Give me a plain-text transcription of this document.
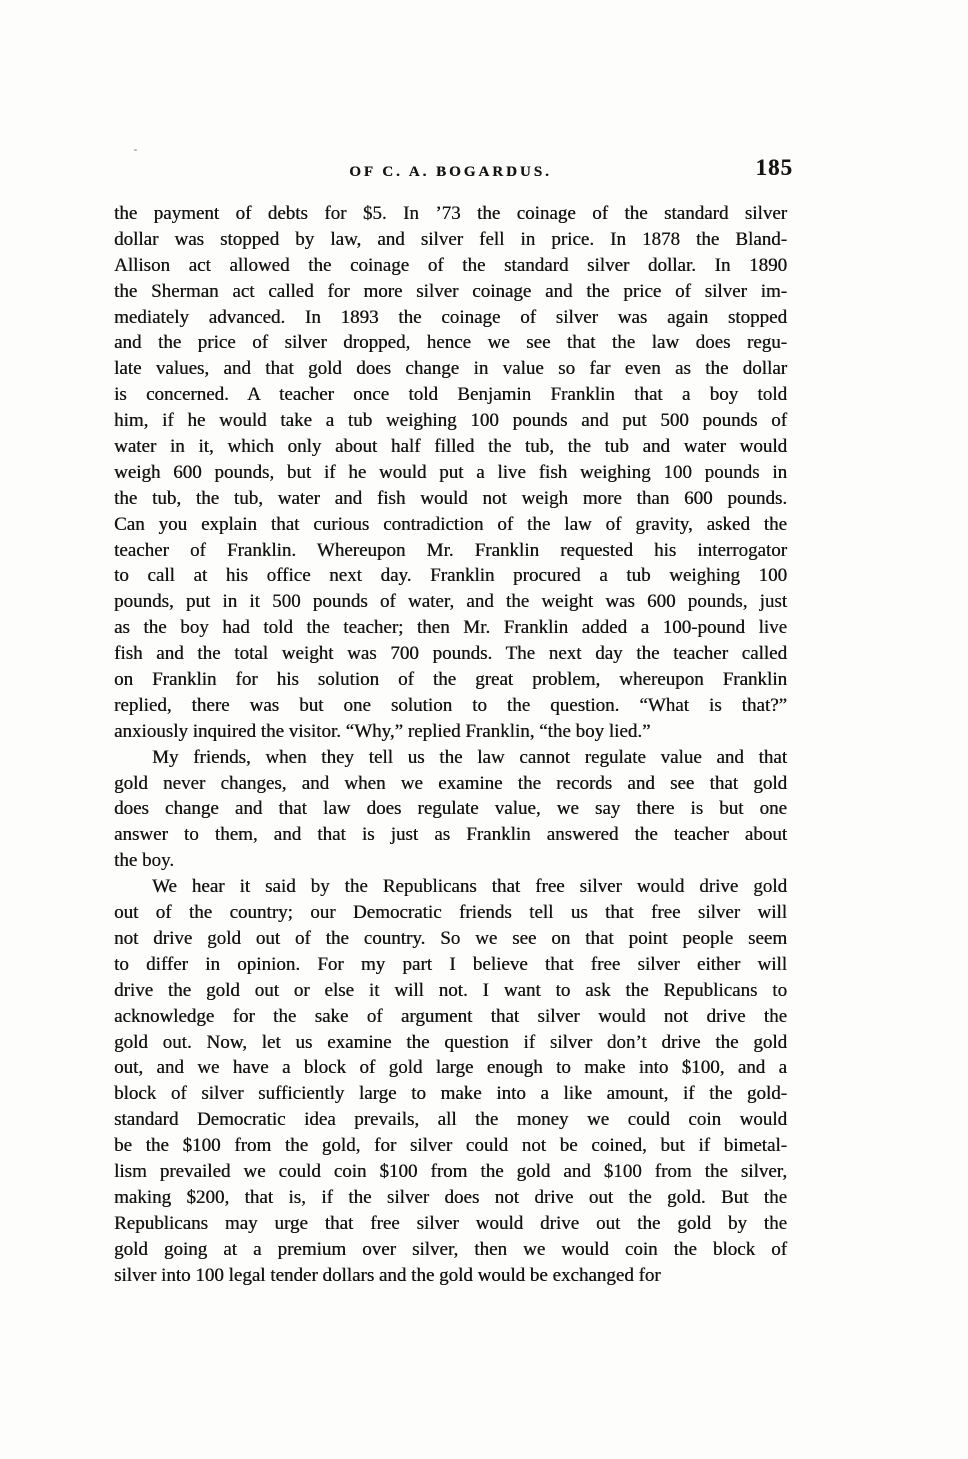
OF C. A. BOGARDUS.	185
the payment of debts for $5. In ’73 the coinage of the standard silver
dollar was stopped by law, and silver fell in price. In 1878 the Bland-
Allison act allowed the coinage of the standard silver dollar. In 1890
the Sherman act called for more silver coinage and the price of silver im-
mediately advanced. In 1893 the coinage of silver was again stopped
and the price of silver dropped, hence we see that the law does regu-
late values, and that gold does change in value so far even as the dollar
is concerned. A teacher once told Benjamin Franklin that a boy told
him, if he would take a tub weighing 100 pounds and put 500 pounds of
water in it, which only about half filled the tub, the tub and water would
weigh 600 pounds, but if he would put a live fish weighing 100 pounds in
the tub, the tub, water and fish would not weigh more than 600 pounds.
Can you explain that curious contradiction of the law of gravity, asked the
teacher of Franklin. Whereupon Mr. Franklin requested his interrogator
to call at his office next day. Franklin procured a tub weighing 100
pounds, put in it 500 pounds of water, and the weight was 600 pounds, just
as the boy had told the teacher; then Mr. Franklin added a 100-pound live
fish and the total weight was 700 pounds. The next day the teacher called
on Franklin for his solution of the great problem, whereupon Franklin
replied, there was but one solution to the question. “What is that?”
anxiously inquired the visitor. “Why,” replied Franklin, “the boy lied.”
My friends, when they tell us the law cannot regulate value and that
gold never changes, and when we examine the records and see that gold
does change and that law does regulate value, we say there is but one
answer to them, and that is just as Franklin answered the teacher about
the boy.
We hear it said by the Republicans that free silver would drive gold
out of the country; our Democratic friends tell us that free silver will
not drive gold out of the country. So we see on that point people seem
to differ in opinion. For my part I believe that free silver either will
drive the gold out or else it will not. I want to ask the Republicans to
acknowledge for the sake of argument that silver would not drive the
gold out. Now, let us examine the question if silver don’t drive the gold
out, and we have a block of gold large enough to make into $100, and a
block of silver sufficiently large to make into a like amount, if the gold-
standard Democratic idea prevails, all the money we could coin would
be the $100 from the gold, for silver could not be coined, but if bimetal-
lism prevailed we could coin $100 from the gold and $100 from the silver,
making $200, that is, if the silver does not drive out the gold. But the
Republicans may urge that free silver would drive out the gold by the
gold going at a premium over silver, then we would coin the block of
silver into 100 legal tender dollars and the gold would be exchanged for
